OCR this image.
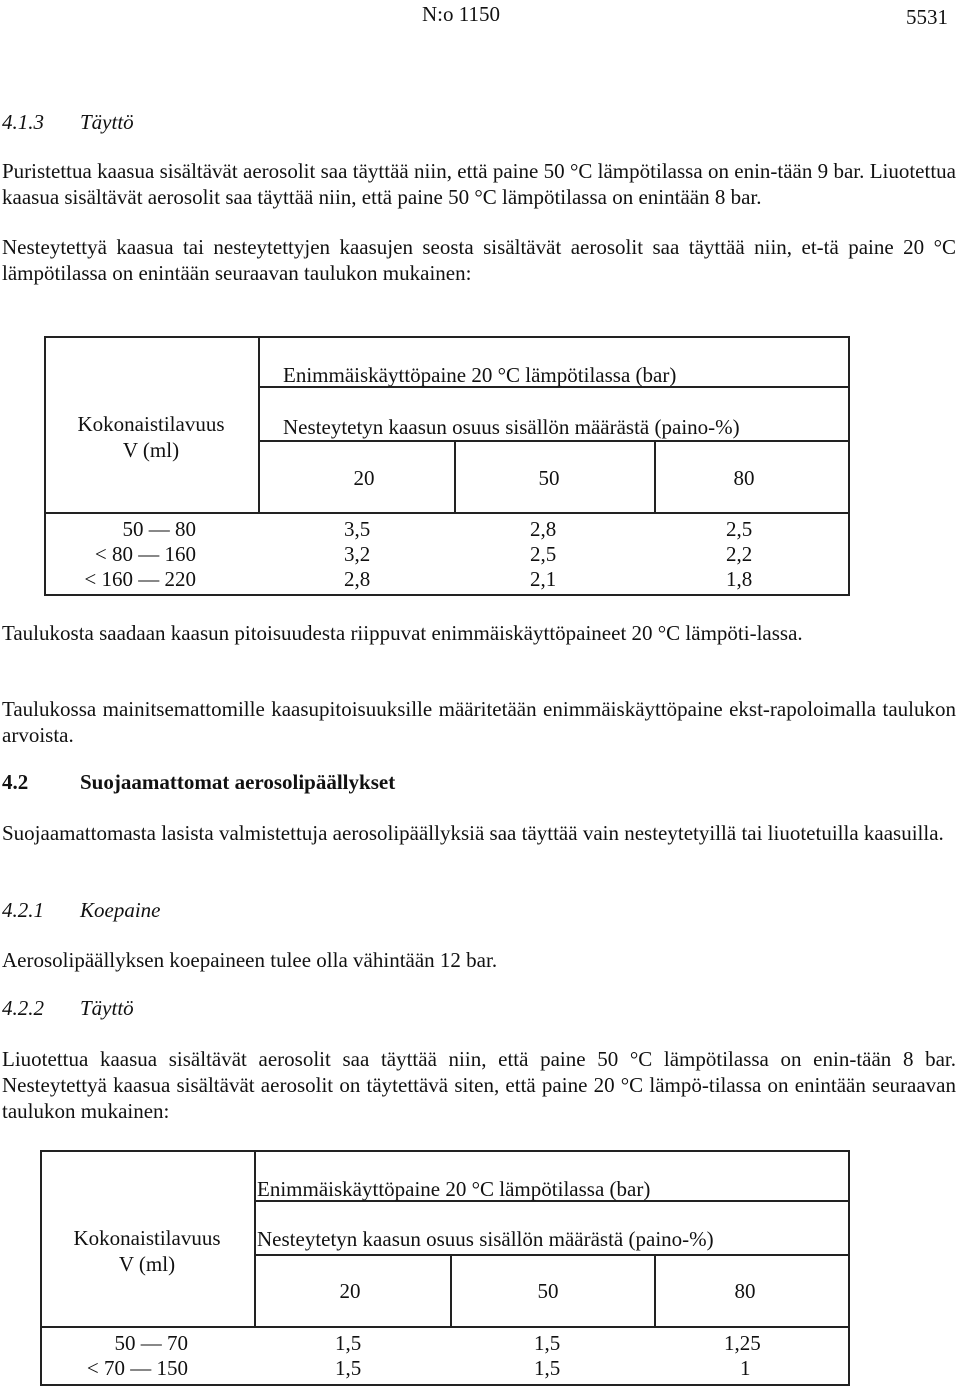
N:o 1150	5531
4.1.3 Täyttö

Puristettua kaasua sisältävät aerosolit saa täyttää niin, että paine 50 °C lämpötilassa on enin-tään 9 bar. Liuotettua kaasua sisältävät aerosolit saa täyttää niin, että paine 50 °C lämpötilassa on enintään 8 bar.

Nesteytettyä kaasua tai nesteytettyjen kaasujen seosta sisältävät aerosolit saa täyttää niin, et-tä paine 20 °C lämpötilassa on enintään seuraavan taulukon mukainen:

Kokonaistilavuus
V (ml)
Enimmäiskäyttöpaine 20 °C lämpötilassa (bar)
Nesteytetyn kaasun osuus sisällön määrästä (paino-%)
20	50	80
50 — 80	3,5	2,8	2,5
< 80 — 160	3,2	2,5	2,2
< 160 — 220	2,8	2,1	1,8

Taulukosta saadaan kaasun pitoisuudesta riippuvat enimmäiskäyttöpaineet 20 °C lämpöti-lassa.

Taulukossa mainitsemattomille kaasupitoisuuksille määritetään enimmäiskäyttöpaine ekst-rapoloimalla taulukon arvoista.

4.2 Suojaamattomat aerosolipäällykset

Suojaamattomasta lasista valmistettuja aerosolipäällyksiä saa täyttää vain nesteytetyillä tai liuotetuilla kaasuilla.

4.2.1 Koepaine

Aerosolipäällyksen koepaineen tulee olla vähintään 12 bar.

4.2.2 Täyttö

Liuotettua kaasua sisältävät aerosolit saa täyttää niin, että paine 50 °C lämpötilassa on enin-tään 8 bar. Nesteytettyä kaasua sisältävät aerosolit on täytettävä siten, että paine 20 °C lämpö-tilassa on enintään seuraavan taulukon mukainen:

Kokonaistilavuus
V (ml)
Enimmäiskäyttöpaine 20 °C lämpötilassa (bar)
Nesteytetyn kaasun osuus sisällön määrästä (paino-%)
20	50	80
50 — 70	1,5	1,5	1,25
< 70 — 150	1,5	1,5	1
